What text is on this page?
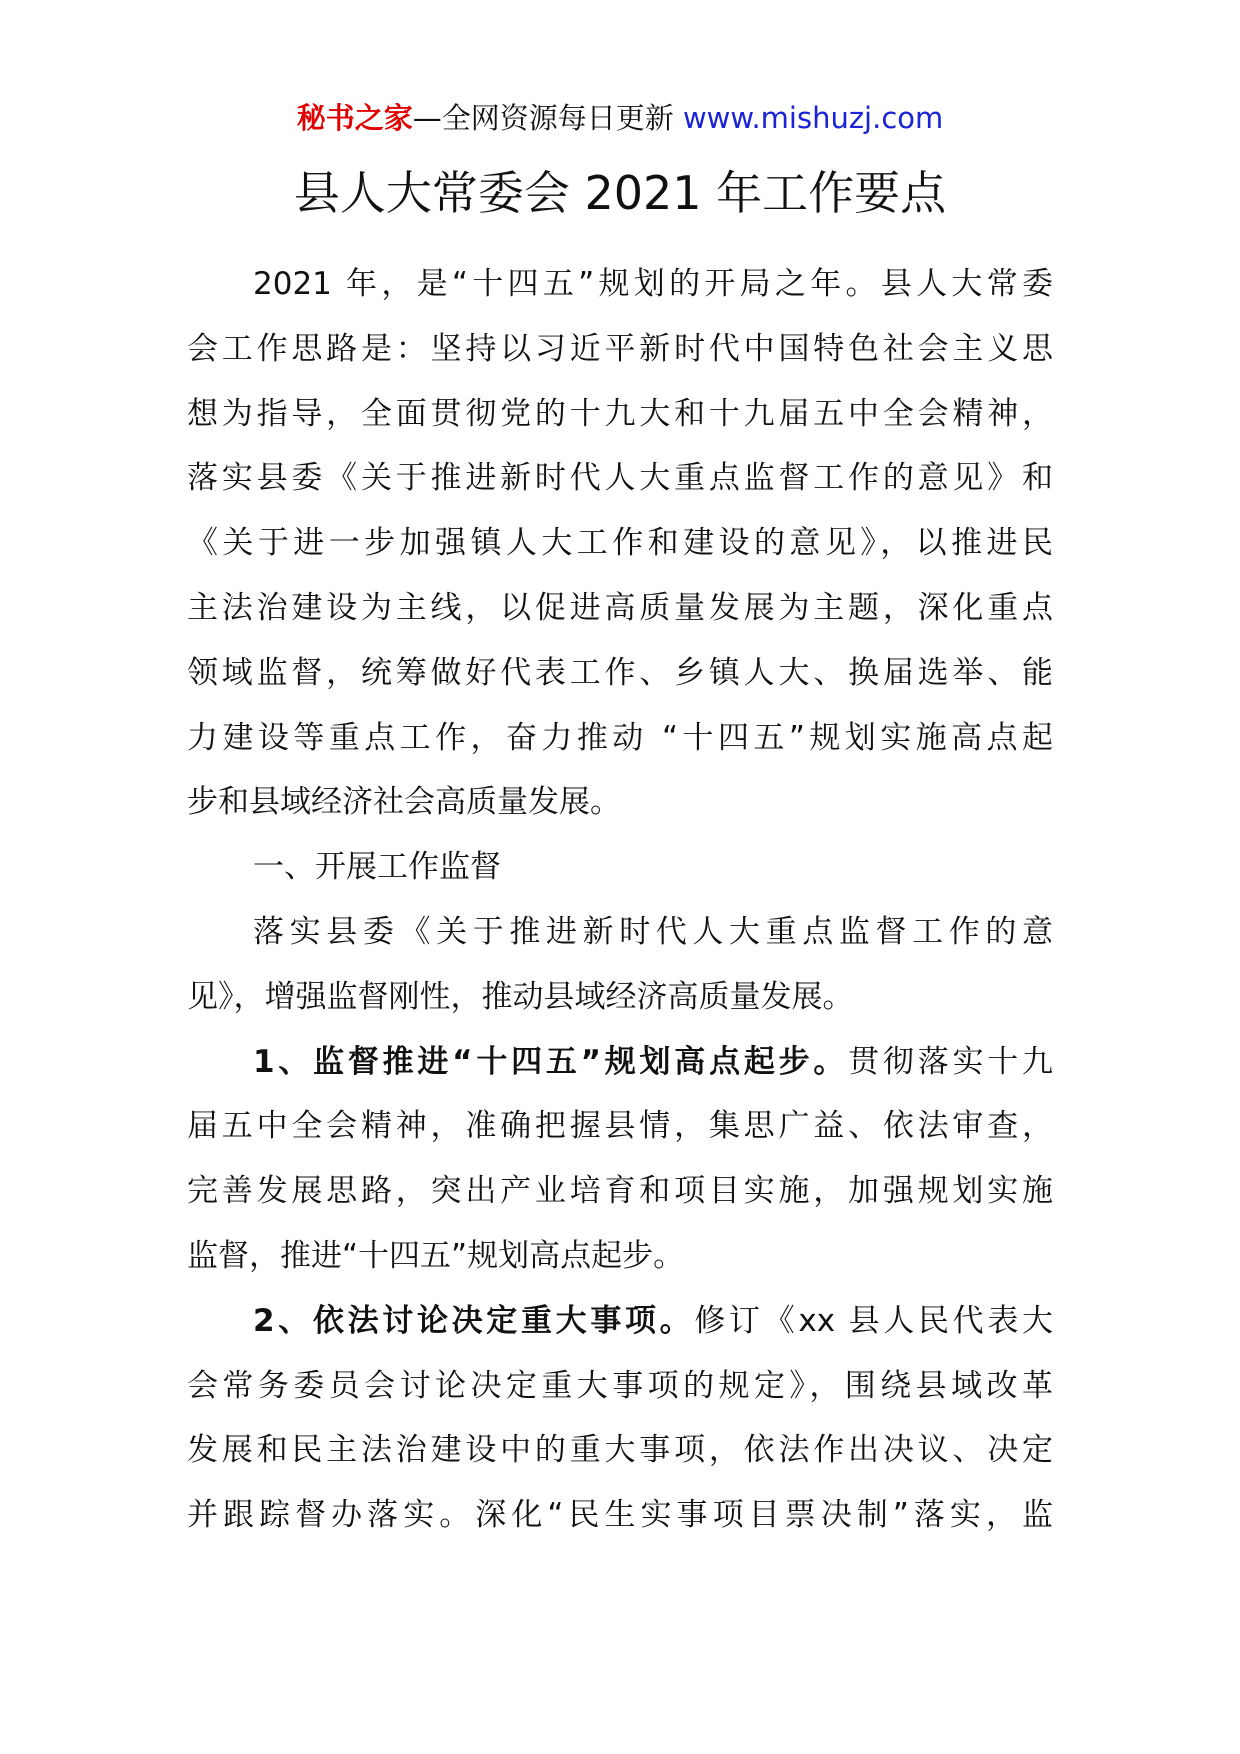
秘书之家—全网资源每日更新 www.mishuzj.com
县人大常委会 2021 年工作要点
2021 年，是“十四五”规划的开局之年。县人大常委
会工作思路是：坚持以习近平新时代中国特色社会主义思
想为指导，全面贯彻党的十九大和十九届五中全会精神，
落实县委《关于推进新时代人大重点监督工作的意见》和
《关于进一步加强镇人大工作和建设的意见》，以推进民
主法治建设为主线，以促进高质量发展为主题，深化重点
领域监督，统筹做好代表工作、乡镇人大、换届选举、能
力建设等重点工作，奋力推动 “十四五”规划实施高点起
步和县域经济社会高质量发展。
一、开展工作监督
落实县委《关于推进新时代人大重点监督工作的意
见》，增强监督刚性，推动县域经济高质量发展。
1、监督推进“十四五”规划高点起步。贯彻落实十九
届五中全会精神，准确把握县情，集思广益、依法审查，
完善发展思路，突出产业培育和项目实施，加强规划实施
监督，推进“十四五”规划高点起步。
2、依法讨论决定重大事项。修订《xx 县人民代表大
会常务委员会讨论决定重大事项的规定》，围绕县域改革
发展和民主法治建设中的重大事项，依法作出决议、决定
并跟踪督办落实。深化“民生实事项目票决制”落实，监
